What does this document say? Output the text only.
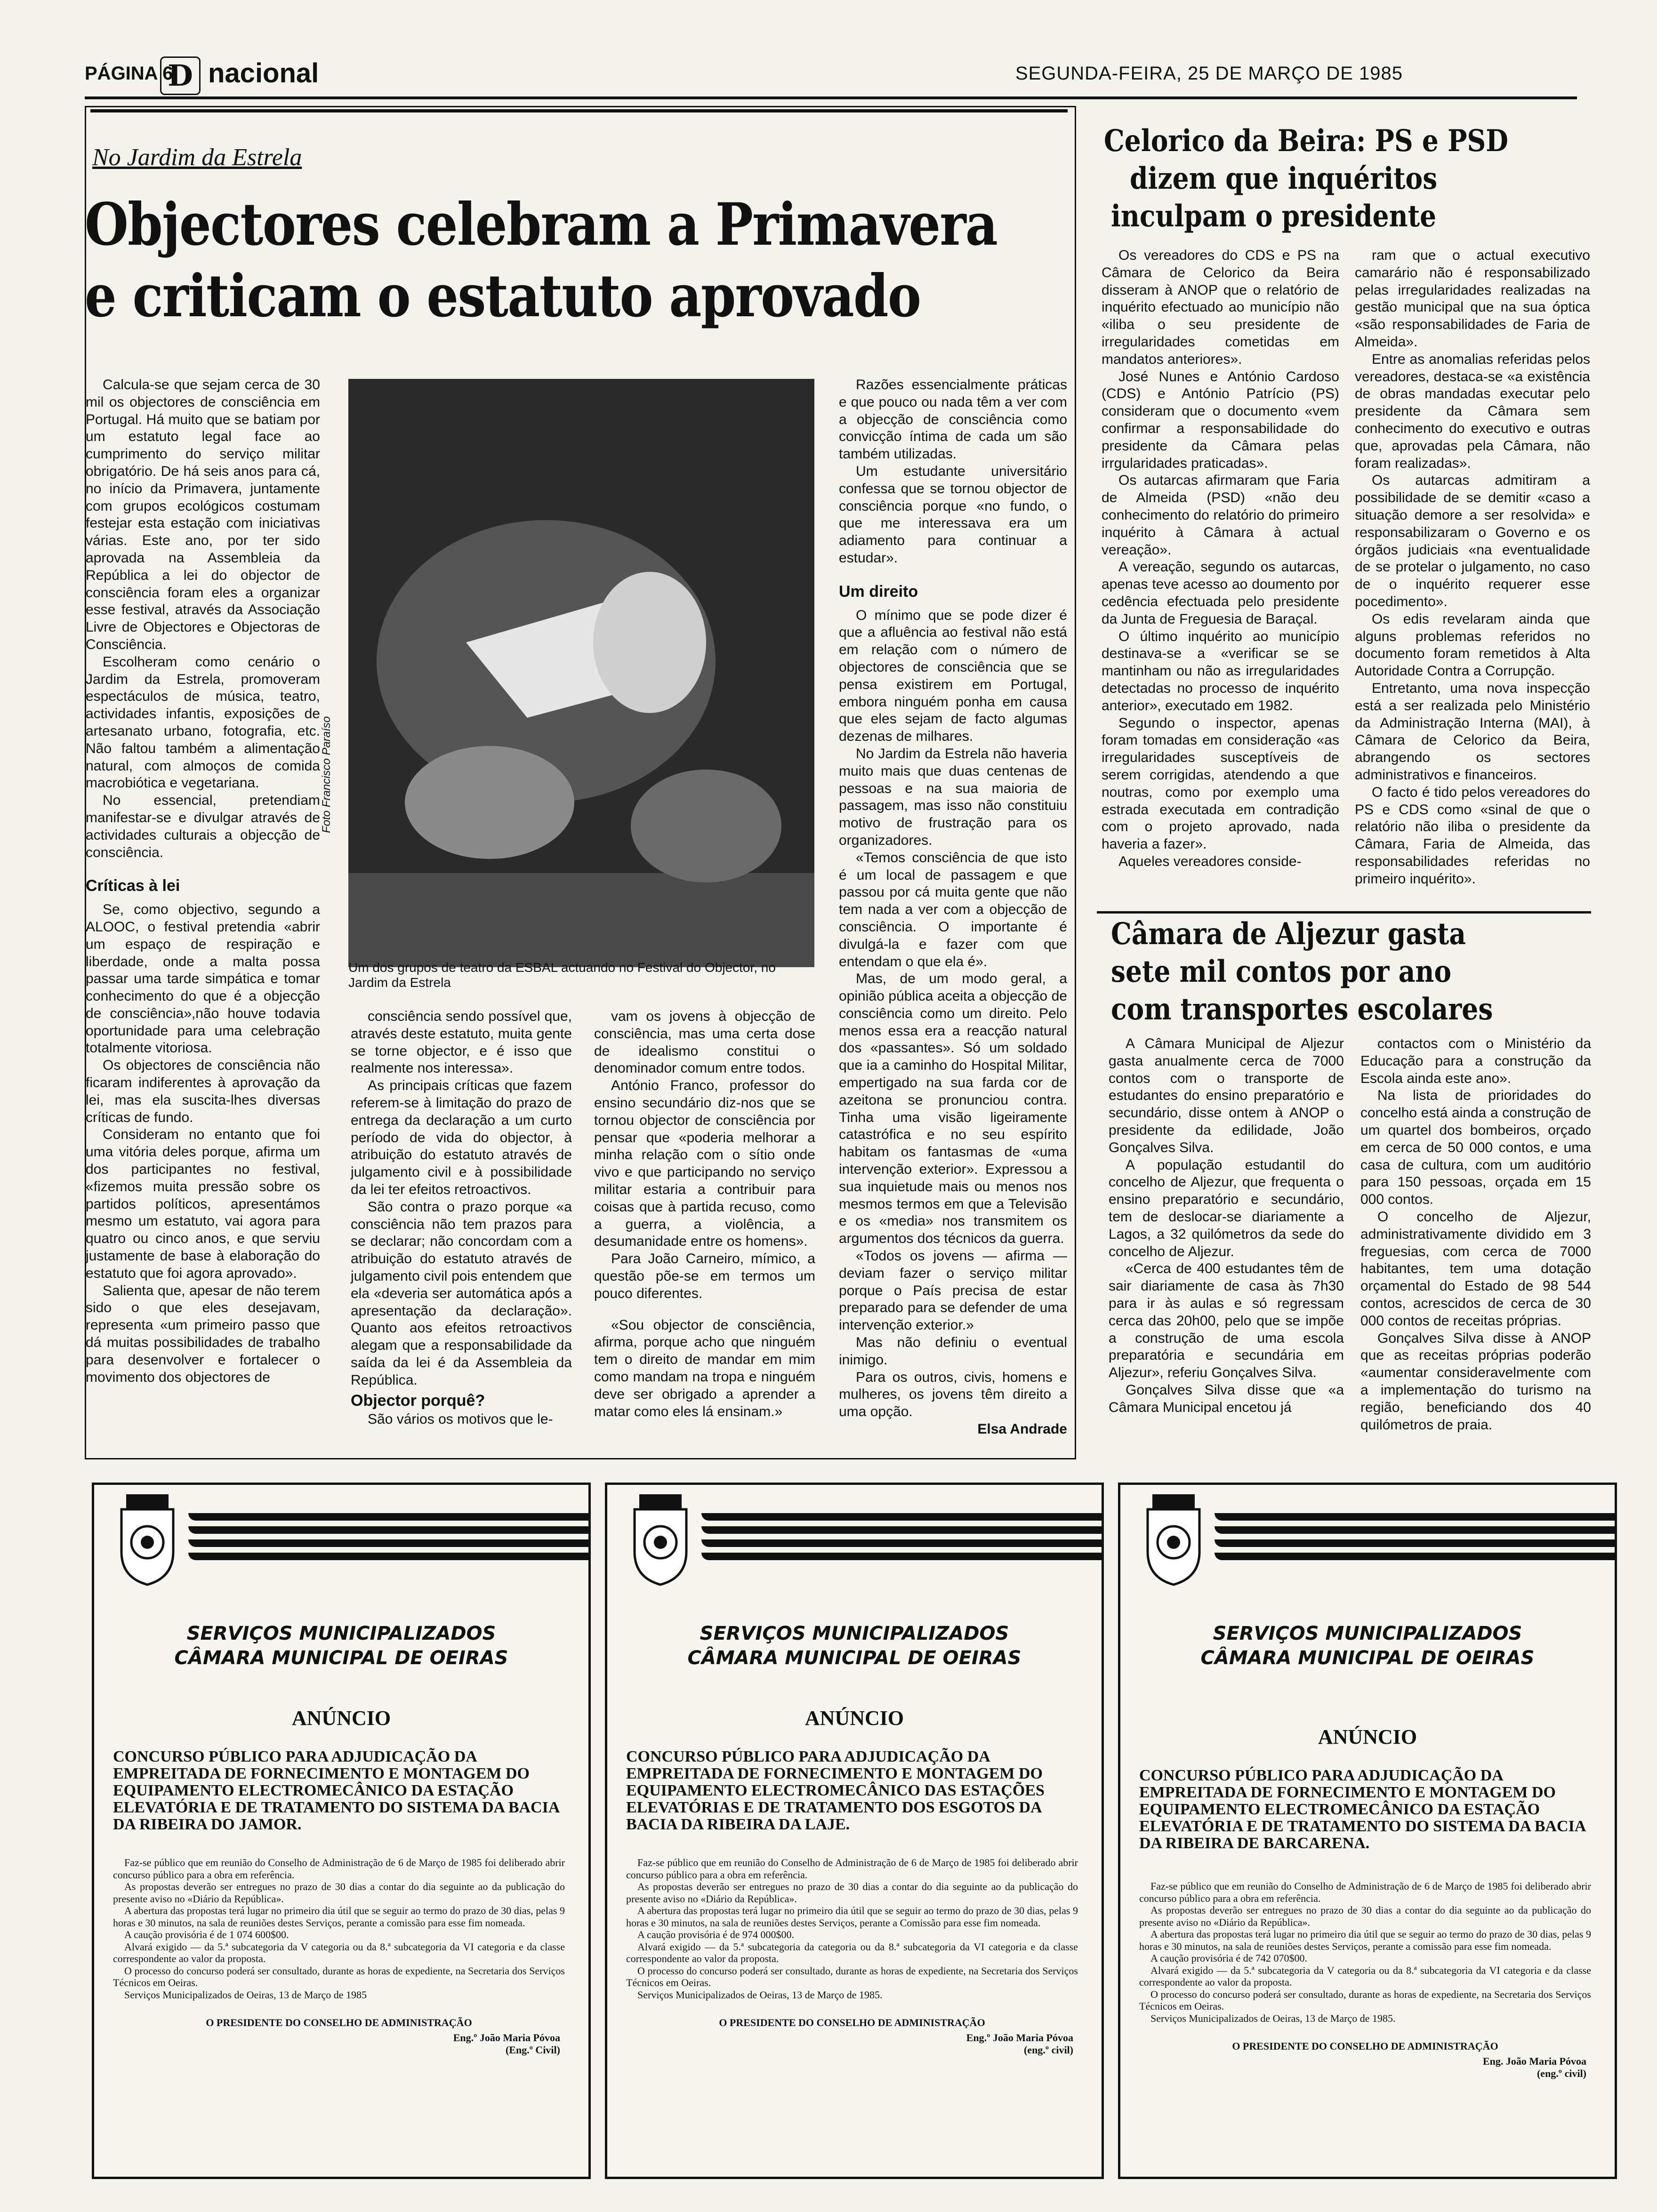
PÁGINA 6
D nacional	SEGUNDA-FEIRA, 25 DE MARÇO DE 1985
No Jardim da Estrela
Objectores celebram a Primavera
e criticam o estatuto aprovado

Calcula-se que sejam cerca de 30 mil os objectores de consciência em Portugal. Há muito que se batiam por um estatuto legal face ao cumprimento do serviço militar obrigatório. De há seis anos para cá, no início da Primavera, juntamente com grupos ecológicos costumam festejar esta estação com iniciativas várias. Este ano, por ter sido aprovada na Assembleia da República a lei do objector de consciência foram eles a organizar esse festival, através da Associação Livre de Objectores e Objectoras de Consciência.

Escolheram como cenário o Jardim da Estrela, promoveram espectáculos de música, teatro, actividades infantis, exposições de artesanato urbano, fotografia, etc. Não faltou também a alimentação natural, com almoços de comida macrobiótica e vegetariana.

No essencial, pretendiam manifestar-se e divulgar através de actividades culturais a objecção de consciência.

Críticas à lei

Se, como objectivo, segundo a ALOOC, o festival pretendia «abrir um espaço de respiração e liberdade, onde a malta possa passar uma tarde simpática e tomar conhecimento do que é a objecção de consciência»,não houve todavia oportunidade para uma celebração totalmente vitoriosa.

Os objectores de consciência não ficaram indiferentes à aprovação da lei, mas ela suscita-lhes diversas críticas de fundo.

Consideram no entanto que foi uma vitória deles porque, afirma um dos participantes no festival, «fizemos muita pressão sobre os partidos políticos, apresentámos mesmo um estatuto, vai agora para quatro ou cinco anos, e que serviu justamente de base à elaboração do estatuto que foi agora aprovado».

Salienta que, apesar de não terem sido o que eles desejavam, representa «um primeiro passo que dá muitas possibilidades de trabalho para desenvolver e fortalecer o movimento dos objectores de

Foto Francisco Paraíso
Um dos grupos de teatro da ESBAL actuando no Festival do Objector, no Jardim da Estrela

consciência sendo possível que, através deste estatuto, muita gente se torne objector, e é isso que realmente nos interessa».

As principais críticas que fazem referem-se à limitação do prazo de entrega da declaração a um curto período de vida do objector, à atribuição do estatuto através de julgamento civil e à possibilidade da lei ter efeitos retroactivos.

São contra o prazo porque «a consciência não tem prazos para se declarar; não concordam com a atribuição do estatuto através de julgamento civil pois entendem que ela «deveria ser automática após a apresentação da declaração». Quanto aos efeitos retroactivos alegam que a responsabilidade da saída da lei é da Assembleia da República.

Objector porquê?

São vários os motivos que le-

vam os jovens à objecção de consciência, mas uma certa dose de idealismo constitui o denominador comum entre todos.

António Franco, professor do ensino secundário diz-nos que se tornou objector de consciência por pensar que «poderia melhorar a minha relação com o sítio onde vivo e que participando no serviço militar estaria a contribuir para coisas que à partida recuso, como a guerra, a violência, a desumanidade entre os homens».

Para João Carneiro, mímico, a questão põe-se em termos um pouco diferentes.

«Sou objector de consciência, afirma, porque acho que ninguém tem o direito de mandar em mim como mandam na tropa e ninguém deve ser obrigado a aprender a matar como eles lá ensinam.»

Razões essencialmente práticas e que pouco ou nada têm a ver com a objecção de consciência como convicção íntima de cada um são também utilizadas.

Um estudante universitário confessa que se tornou objector de consciência porque «no fundo, o que me interessava era um adiamento para continuar a estudar».

Um direito

O mínimo que se pode dizer é que a afluência ao festival não está em relação com o número de objectores de consciência que se pensa existirem em Portugal, embora ninguém ponha em causa que eles sejam de facto algumas dezenas de milhares.

No Jardim da Estrela não haveria muito mais que duas centenas de pessoas e na sua maioria de passagem, mas isso não constituiu motivo de frustração para os organizadores.

«Temos consciência de que isto é um local de passagem e que passou por cá muita gente que não tem nada a ver com a objecção de consciência. O importante é divulgá-la e fazer com que entendam o que ela é».

Mas, de um modo geral, a opinião pública aceita a objecção de consciência como um direito. Pelo menos essa era a reacção natural dos «passantes». Só um soldado que ia a caminho do Hospital Militar, empertigado na sua farda cor de azeitona se pronunciou contra. Tinha uma visão ligeiramente catastrófica e no seu espírito habitam os fantasmas de «uma intervenção exterior». Expressou a sua inquietude mais ou menos nos mesmos termos em que a Televisão e os «media» nos transmitem os argumentos dos técnicos da guerra.

«Todos os jovens — afirma — deviam fazer o serviço militar porque o País precisa de estar preparado para se defender de uma intervenção exterior.»

Mas não definiu o eventual inimigo.

Para os outros, civis, homens e mulheres, os jovens têm direito a uma opção.

Elsa Andrade
Celorico da Beira: PS e PSD
dizem que inquéritos
inculpam o presidente

Os vereadores do CDS e PS na Câmara de Celorico da Beira disseram à ANOP que o relatório de inquérito efectuado ao município não «iliba o seu presidente de irregularidades cometidas em mandatos anteriores».

José Nunes e António Cardoso (CDS) e António Patrício (PS) consideram que o documento «vem confirmar a responsabilidade do presidente da Câmara pelas irrgularidades praticadas».

Os autarcas afirmaram que Faria de Almeida (PSD) «não deu conhecimento do relatório do primeiro inquérito à Câmara à actual vereação».

A vereação, segundo os autarcas, apenas teve acesso ao doumento por cedência efectuada pelo presidente da Junta de Freguesia de Baraçal.

O último inquérito ao município destinava-se a «verificar se se mantinham ou não as irregularidades detectadas no processo de inquérito anterior», executado em 1982.

Segundo o inspector, apenas foram tomadas em consideração «as irregularidades susceptíveis de serem corrigidas, atendendo a que noutras, como por exemplo uma estrada executada em contradição com o projeto aprovado, nada haveria a fazer».

Aqueles vereadores conside-

ram que o actual executivo camarário não é responsabilizado pelas irregularidades realizadas na gestão municipal que na sua óptica «são responsabilidades de Faria de Almeida».

Entre as anomalias referidas pelos vereadores, destaca-se «a existência de obras mandadas executar pelo presidente da Câmara sem conhecimento do executivo e outras que, aprovadas pela Câmara, não foram realizadas».

Os autarcas admitiram a possibilidade de se demitir «caso a situação demore a ser resolvida» e responsabilizaram o Governo e os órgãos judiciais «na eventualidade de se protelar o julgamento, no caso de o inquérito requerer esse pocedimento».

Os edis revelaram ainda que alguns problemas referidos no documento foram remetidos à Alta Autoridade Contra a Corrupção.

Entretanto, uma nova inspecção está a ser realizada pelo Ministério da Administração Interna (MAI), à Câmara de Celorico da Beira, abrangendo os sectores administrativos e financeiros.

O facto é tido pelos vereadores do PS e CDS como «sinal de que o relatório não iliba o presidente da Câmara, Faria de Almeida, das responsabilidades referidas no primeiro inquérito».

Câmara de Aljezur gasta
sete mil contos por ano
com transportes escolares

A Câmara Municipal de Aljezur gasta anualmente cerca de 7000 contos com o transporte de estudantes do ensino preparatório e secundário, disse ontem à ANOP o presidente da edilidade, João Gonçalves Silva.

A população estudantil do concelho de Aljezur, que frequenta o ensino preparatório e secundário, tem de deslocar-se diariamente a Lagos, a 32 quilómetros da sede do concelho de Aljezur.

«Cerca de 400 estudantes têm de sair diariamente de casa às 7h30 para ir às aulas e só regressam cerca das 20h00, pelo que se impõe a construção de uma escola preparatória e secundária em Aljezur», referiu Gonçalves Silva.

Gonçalves Silva disse que «a Câmara Municipal encetou já

contactos com o Ministério da Educação para a construção da Escola ainda este ano».

Na lista de prioridades do concelho está ainda a construção de um quartel dos bombeiros, orçado em cerca de 50 000 contos, e uma casa de cultura, com um auditório para 150 pessoas, orçada em 15 000 contos.

O concelho de Aljezur, administrativamente dividido em 3 freguesias, com cerca de 7000 habitantes, tem uma dotação orçamental do Estado de 98 544 contos, acrescidos de cerca de 30 000 contos de receitas próprias.

Gonçalves Silva disse à ANOP que as receitas próprias poderão «aumentar consideravelmente com a implementação do turismo na região, beneficiando dos 40 quilómetros de praia.

SERVIÇOS MUNICIPALIZADOS
CÂMARA MUNICIPAL DE OEIRAS
ANÚNCIO
CONCURSO PÚBLICO PARA ADJUDICAÇÃO DA EMPREITADA DE FORNECIMENTO E MONTAGEM DO EQUIPAMENTO ELECTROMECÂNICO DA ESTAÇÃO ELEVATÓRIA E DE TRATAMENTO DO SISTEMA DA BACIA DA RIBEIRA DO JAMOR.

Faz-se público que em reunião do Conselho de Administração de 6 de Março de 1985 foi deliberado abrir concurso público para a obra em referência.

As propostas deverão ser entregues no prazo de 30 dias a contar do dia seguinte ao da publicação do presente aviso no «Diário da República».

A abertura das propostas terá lugar no primeiro dia útil que se seguir ao termo do prazo de 30 dias, pelas 9 horas e 30 minutos, na sala de reuniões destes Serviços, perante a comissão para esse fim nomeada.

A caução provisória é de 1 074 600$00.

Alvará exigido — da 5.ª subcategoria da V categoria ou da 8.ª subcategoria da VI categoria e da classe correspondente ao valor da proposta.

O processo do concurso poderá ser consultado, durante as horas de expediente, na Secretaria dos Serviços Técnicos em Oeiras.

Serviços Municipalizados de Oeiras, 13 de Março de 1985

O PRESIDENTE DO CONSELHO DE ADMINISTRAÇÃO
Eng.º João Maria Póvoa
(Eng.º Civil)
SERVIÇOS MUNICIPALIZADOS
CÂMARA MUNICIPAL DE OEIRAS
ANÚNCIO
CONCURSO PÚBLICO PARA ADJUDICAÇÃO DA EMPREITADA DE FORNECIMENTO E MONTAGEM DO EQUIPAMENTO ELECTROMECÂNICO DAS ESTAÇÕES ELEVATÓRIAS E DE TRATAMENTO DOS ESGOTOS DA BACIA DA RIBEIRA DA LAJE.

Faz-se público que em reunião do Conselho de Administração de 6 de Março de 1985 foi deliberado abrir concurso público para a obra em referência.

As propostas deverão ser entregues no prazo de 30 dias a contar do dia seguinte ao da publicação do presente aviso no «Diário da República».

A abertura das propostas terá lugar no primeiro dia útil que se seguir ao termo do prazo de 30 dias, pelas 9 horas e 30 minutos, na sala de reuniões destes Serviços, perante a Comissão para esse fim nomeada.

A caução provisória é de 974 000$00.

Alvará exigido — da 5.ª subcategoria da categoria ou da 8.ª subcategoria da VI categoria e da classe correspondente ao valor da proposta.

O processo do concurso poderá ser consultado, durante as horas de expediente, na Secretaria dos Serviços Técnicos em Oeiras.

Serviços Municipalizados de Oeiras, 13 de Março de 1985.

O PRESIDENTE DO CONSELHO DE ADMINISTRAÇÃO
Eng.º João Maria Póvoa
(eng.º civil)
SERVIÇOS MUNICIPALIZADOS
CÂMARA MUNICIPAL DE OEIRAS
ANÚNCIO
CONCURSO PÚBLICO PARA ADJUDICAÇÃO DA EMPREITADA DE FORNECIMENTO E MONTAGEM DO EQUIPAMENTO ELECTROMECÂNICO DA ESTAÇÃO ELEVATÓRIA E DE TRATAMENTO DO SISTEMA DA BACIA DA RIBEIRA DE BARCARENA.

Faz-se público que em reunião do Conselho de Administração de 6 de Março de 1985 foi deliberado abrir concurso público para a obra em referência.

As propostas deverão ser entregues no prazo de 30 dias a contar do dia seguinte ao da publicação do presente aviso no «Diário da República».

A abertura das propostas terá lugar no primeiro dia útil que se seguir ao termo do prazo de 30 dias, pelas 9 horas e 30 minutos, na sala de reuniões destes Serviços, perante a comissão para esse fim nomeada.

A caução provisória é de 742 070$00.

Alvará exigido — da 5.ª subcategoria da V categoria ou da 8.ª subcategoria da VI categoria e da classe correspondente ao valor da proposta.

O processo do concurso poderá ser consultado, durante as horas de expediente, na Secretaria dos Serviços Técnicos em Oeiras.

Serviços Municipalizados de Oeiras, 13 de Março de 1985.

O PRESIDENTE DO CONSELHO DE ADMINISTRAÇÃO
Eng. João Maria Póvoa
(eng.º civil)
